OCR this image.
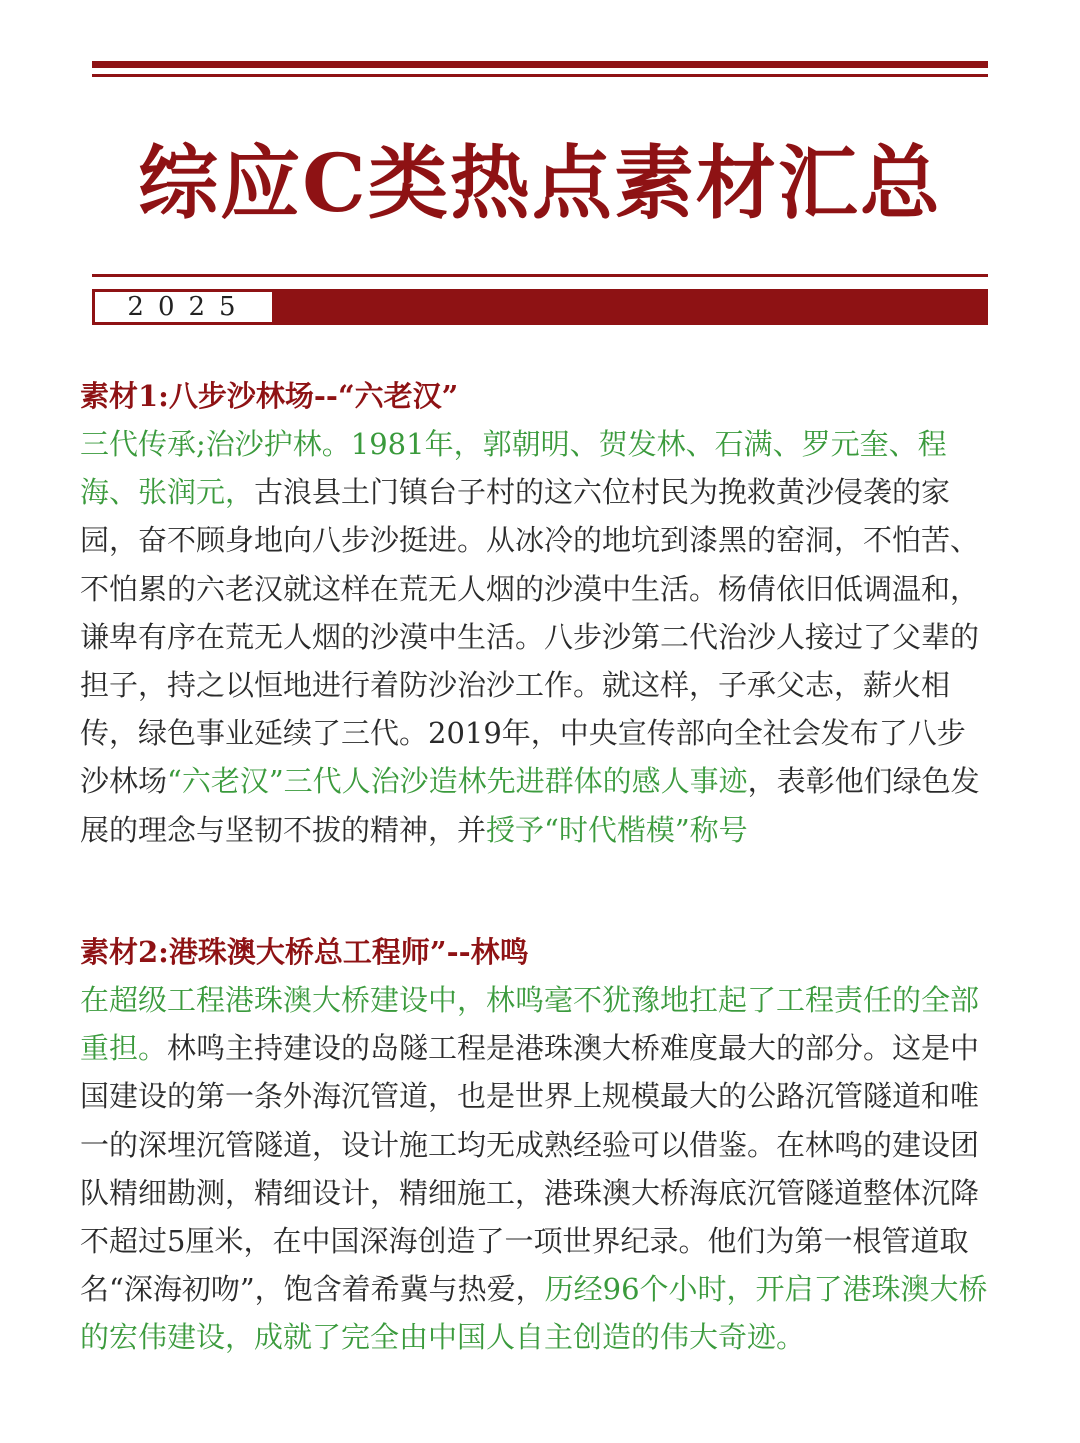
综应C类热点素材汇总
2025
素材1:八步沙林场--“六老汉”
三代传承;治沙护林。1981年，郭朝明、贺发林、石满、罗元奎、程海、张润元，古浪县土门镇台子村的这六位村民为挽救黄沙侵袭的家园，奋不顾身地向八步沙挺进。从冰冷的地坑到漆黑的窑洞，不怕苦、不怕累的六老汉就这样在荒无人烟的沙漠中生活。杨倩依旧低调温和，谦卑有序在荒无人烟的沙漠中生活。八步沙第二代治沙人接过了父辈的担子，持之以恒地进行着防沙治沙工作。就这样，子承父志，薪火相传，绿色事业延续了三代。2019年，中央宣传部向全社会发布了八步沙林场“六老汉”三代人治沙造林先进群体的感人事迹，表彰他们绿色发展的理念与坚韧不拔的精神，并授予“时代楷模”称号
素材2:港珠澳大桥总工程师”--林鸣
在超级工程港珠澳大桥建设中，林鸣毫不犹豫地扛起了工程责任的全部重担。林鸣主持建设的岛隧工程是港珠澳大桥难度最大的部分。这是中国建设的第一条外海沉管道，也是世界上规模最大的公路沉管隧道和唯一的深埋沉管隧道，设计施工均无成熟经验可以借鉴。在林鸣的建设团队精细勘测，精细设计，精细施工，港珠澳大桥海底沉管隧道整体沉降不超过5厘米，在中国深海创造了一项世界纪录。他们为第一根管道取名“深海初吻”，饱含着希冀与热爱，历经96个小时，开启了港珠澳大桥的宏伟建设，成就了完全由中国人自主创造的伟大奇迹。
